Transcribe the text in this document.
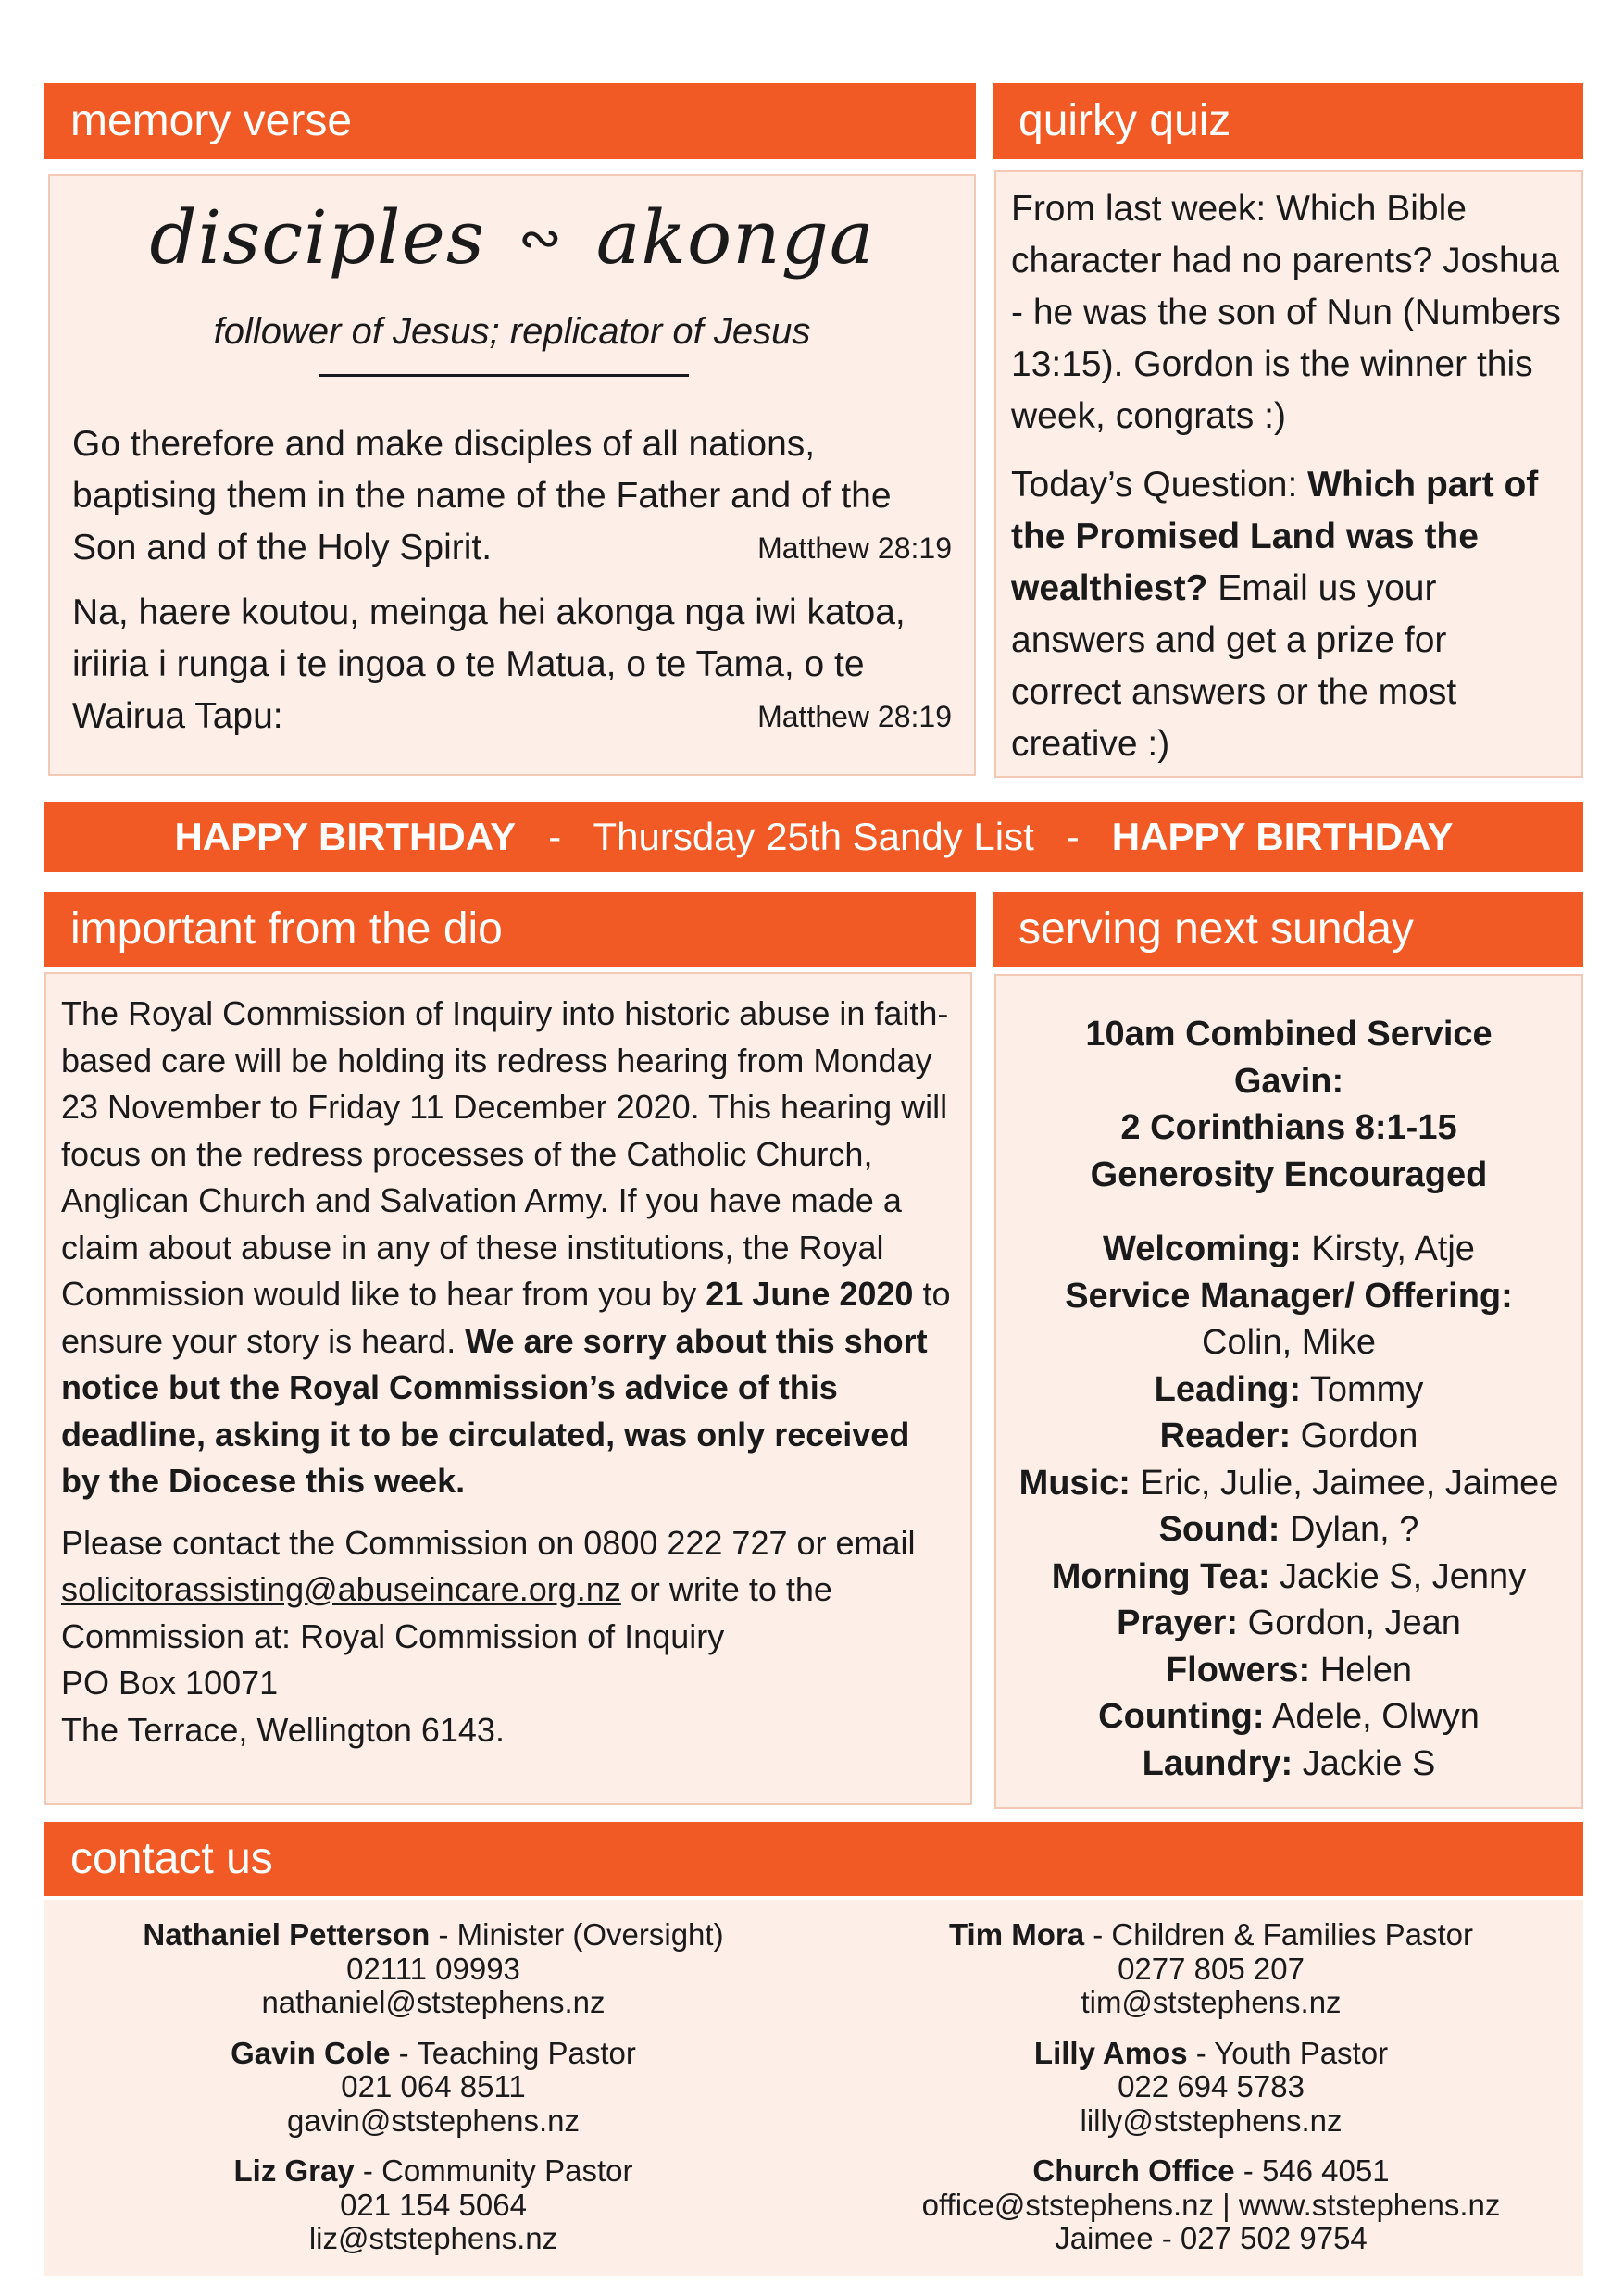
memory verse
disciples ∾ akonga
follower of Jesus; replicator of Jesus
Go therefore and make disciples of all nations, baptising them in the name of the Father and of the Son and of the Holy Spirit.	Matthew 28:19
Na, haere koutou, meinga hei akonga nga iwi katoa, iriiria i runga i te ingoa o te Matua, o te Tama, o te Wairua Tapu:	Matthew 28:19
quirky quiz

From last week: Which Bible character had no parents? Joshua - he was the son of Nun (Numbers 13:15). Gordon is the winner this week, congrats :)

Today’s Question: Which part of the Promised Land was the wealthiest? Email us your answers and get a prize for correct answers or the most creative :)

HAPPY BIRTHDAY - Thursday 25th Sandy List - HAPPY BIRTHDAY
important from the dio

The Royal Commission of Inquiry into historic abuse in faith-based care will be holding its redress hearing from Monday 23 November to Friday 11 December 2020. This hearing will focus on the redress processes of the Catholic Church, Anglican Church and Salvation Army. If you have made a claim about abuse in any of these institutions, the Royal Commission would like to hear from you by 21 June 2020 to ensure your story is heard. We are sorry about this short notice but the Royal Commission’s advice of this deadline, asking it to be circulated, was only received by the Diocese this week.

Please contact the Commission on 0800 222 727 or email solicitorassisting@abuseincare.org.nz or write to the Commission at: Royal Commission of Inquiry
PO Box 10071
The Terrace, Wellington 6143.

serving next sunday
10am Combined Service
Gavin:
2 Corinthians 8:1-15
Generosity Encouraged
Welcoming: Kirsty, Atje
Service Manager/ Offering:
Colin, Mike
Leading: Tommy
Reader: Gordon
Music: Eric, Julie, Jaimee, Jaimee
Sound: Dylan, ?
Morning Tea: Jackie S, Jenny
Prayer: Gordon, Jean
Flowers: Helen
Counting: Adele, Olwyn
Laundry: Jackie S
contact us
Nathaniel Petterson - Minister (Oversight)
02111 09993
nathaniel@ststephens.nz
Gavin Cole - Teaching Pastor
021 064 8511
gavin@ststephens.nz
Liz Gray - Community Pastor
021 154 5064
liz@ststephens.nz
Tim Mora - Children & Families Pastor
0277 805 207
tim@ststephens.nz
Lilly Amos - Youth Pastor
022 694 5783
lilly@ststephens.nz
Church Office - 546 4051
office@ststephens.nz | www.ststephens.nz
Jaimee - 027 502 9754
